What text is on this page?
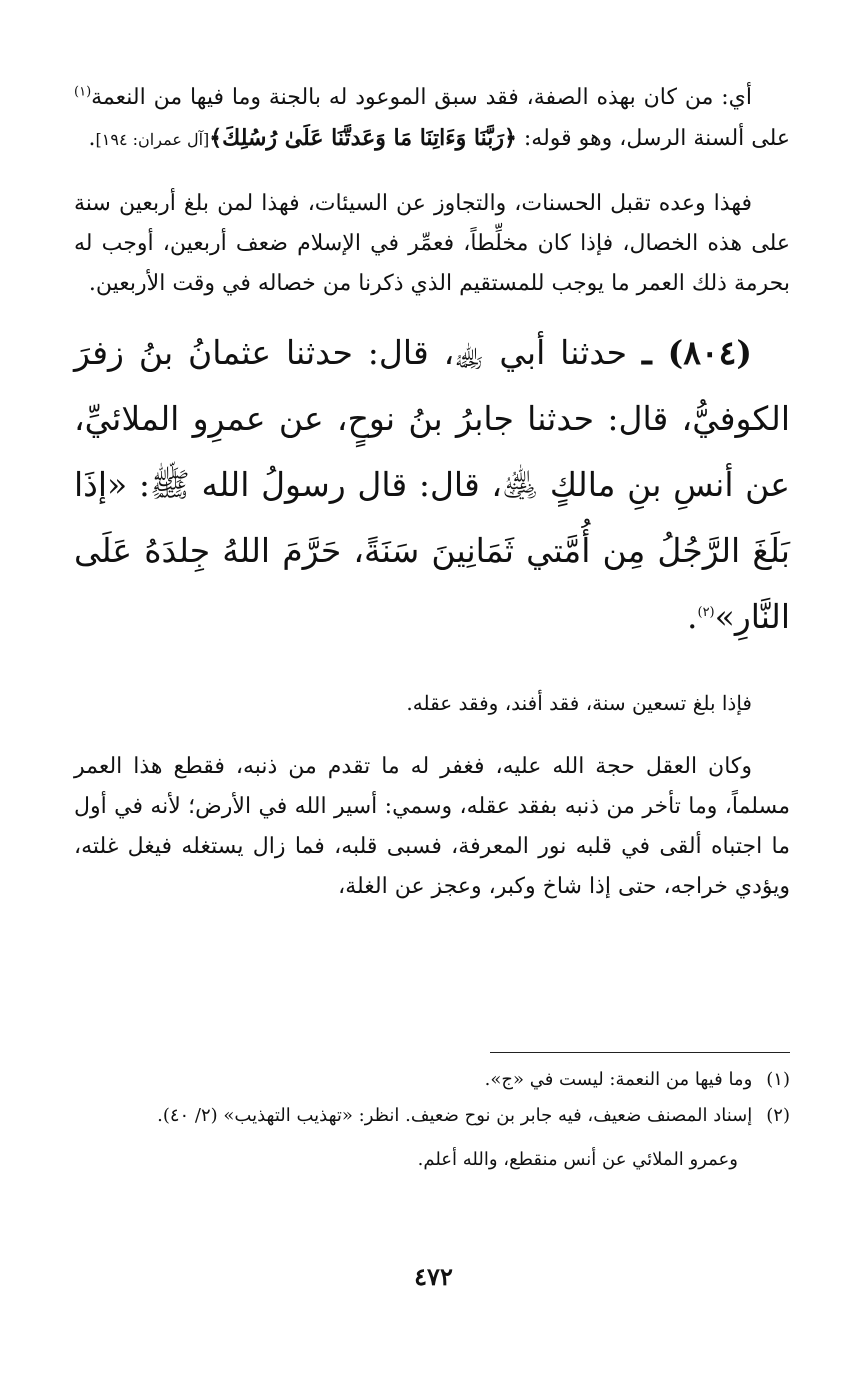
أي: من كان بهذه الصفة، فقد سبق الموعود له بالجنة وما فيها من النعمة$^{(١)}$ على ألسنة الرسل، وهو قوله: ﴿رَبَّنَا وَءَاتِنَا مَا وَعَدتَّنَا عَلَىٰ رُسُلِكَ﴾[آل عمران: ١٩٤].

فهذا وعده تقبل الحسنات، والتجاوز عن السيئات، فهذا لمن بلغ أربعين سنة على هذه الخصال، فإذا كان مخلِّطاً، فعمِّر في الإسلام ضعف أربعين، أوجب له بحرمة ذلك العمر ما يوجب للمستقيم الذي ذكرنا من خصاله في وقت الأربعين.

(٨٠٤) ـ حدثنا أبي ﵀، قال: حدثنا عثمانُ بنُ زفرَ الكوفيُّ، قال: حدثنا جابرُ بنُ نوحٍ، عن عمرِو الملائيِّ، عن أنسِ بنِ مالكٍ ﵁، قال: قال رسولُ الله ﷺ: «إذَا بَلَغَ الرَّجُلُ مِن أُمَّتي ثَمَانِينَ سَنَةً، حَرَّمَ اللهُ جِلدَهُ عَلَى النَّارِ»$^{(٢)}$.

فإذا بلغ تسعين سنة، فقد أفند، وفقد عقله.

وكان العقل حجة الله عليه، فغفر له ما تقدم من ذنبه، فقطع هذا العمر مسلماً، وما تأخر من ذنبه بفقد عقله، وسمي: أسير الله في الأرض؛ لأنه في أول ما اجتباه ألقى في قلبه نور المعرفة، فسبى قلبه، فما زال يستغله فيغل غلته، ويؤدي خراجه، حتى إذا شاخ وكبر، وعجز عن الغلة،

(١)
وما فيها من النعمة: ليست في «ج».
(٢)
إسناد المصنف ضعيف، فيه جابر بن نوح ضعيف. انظر: «تهذيب التهذيب» (٢/ ٤٠).
وعمرو الملائي عن أنس منقطع، والله أعلم.
٤٧٢
